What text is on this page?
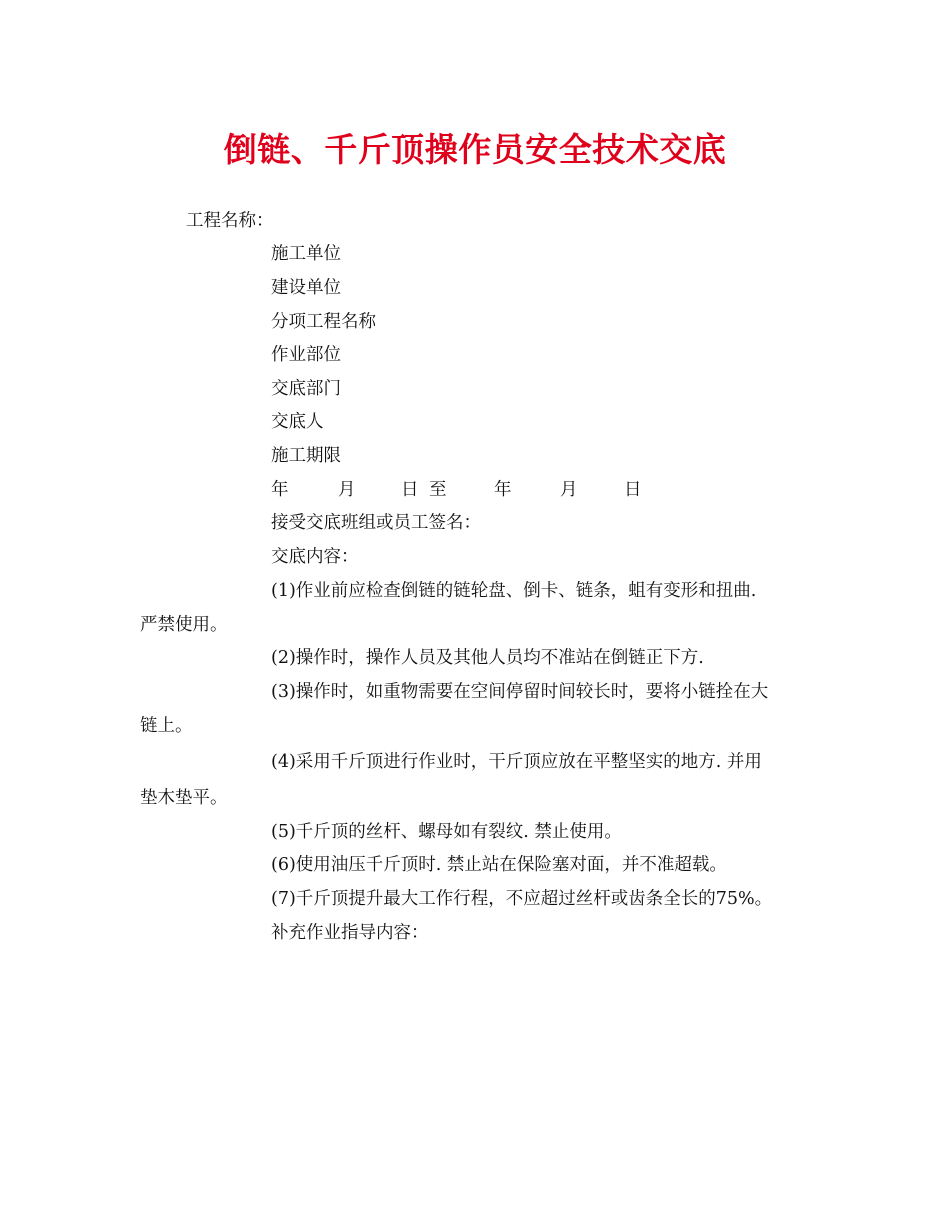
倒链、千斤顶操作员安全技术交底
工程名称：
施工单位
建设单位
分项工程名称
作业部位
交底部门
交底人
施工期限
年	月	日 至	年	月	日
接受交底班组或员工签名：
交底内容：
(1)作业前应检查倒链的链轮盘、倒卡、链条，蛆有变形和扭曲.
严禁使用。
(2)操作时，操作人员及其他人员均不准站在倒链正下方.
(3)操作时，如重物需要在空间停留时间较长时，要将小链拴在大
链上。
(4)采用千斤顶进行作业时，干斤顶应放在平整坚实的地方. 并用
垫木垫平。
(5)千斤顶的丝杆、螺母如有裂纹. 禁止使用。
(6)使用油压千斤顶时. 禁止站在保险塞对面，并不准超载。
(7)千斤顶提升最大工作行程，不应超过丝杆或齿条全长的75%。
补充作业指导内容：
